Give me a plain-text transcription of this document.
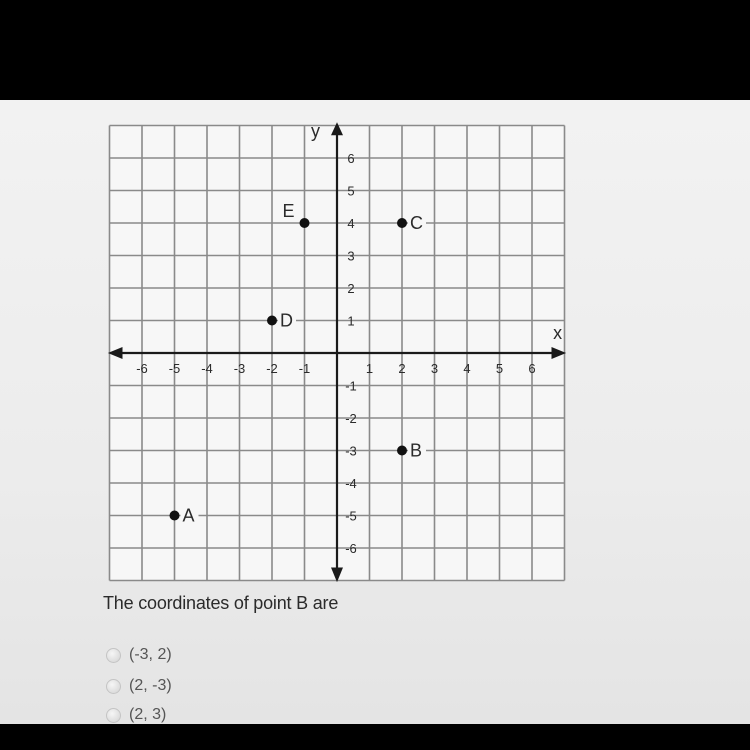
x
y
-6 -5 -4 -3 -2 -1	1 2 3 4 5 6
6
5
4
3
2
1
-1
-2
-3
-4
-5
-6
A
B
C
D
E
The coordinates of point B are
(-3, 2)
(2, -3)
(2, 3)
